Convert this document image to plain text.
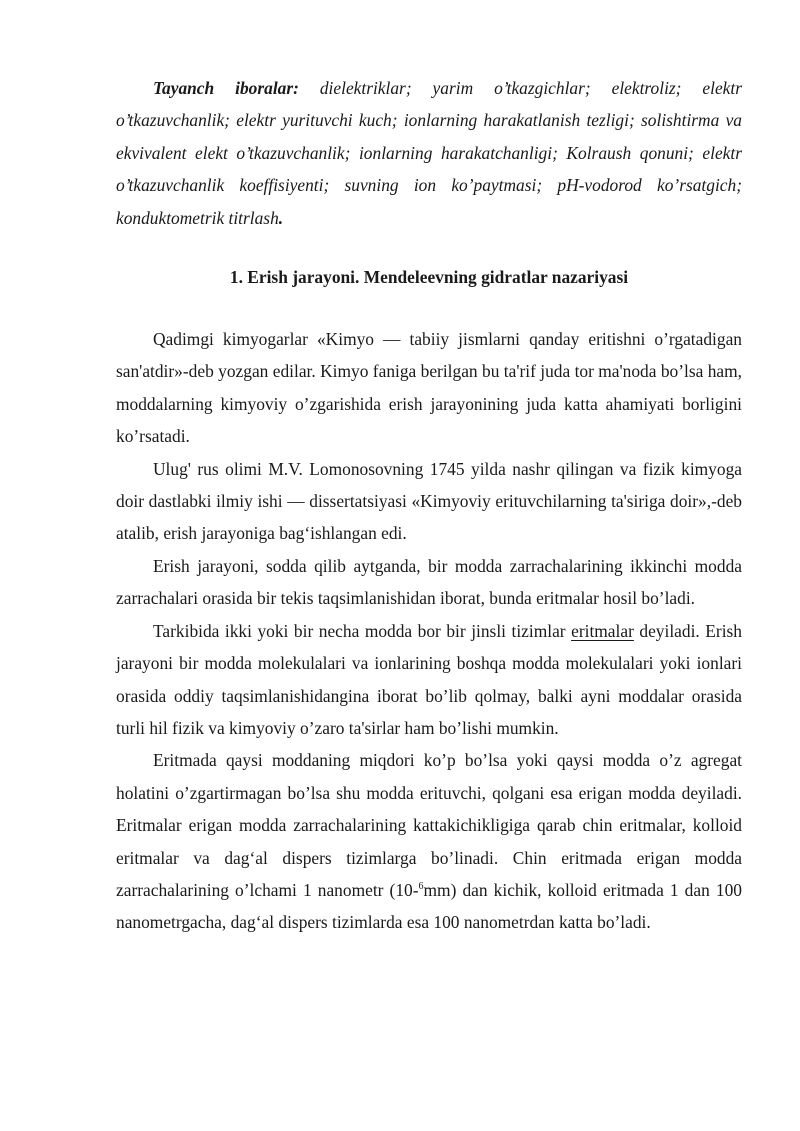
Tayanch iboralar: dielektriklar; yarim o’tkazgichlar; elektroliz; elektr o’tkazuvchanlik; elektr yurituvchi kuch; ionlarning harakatlanish tezligi; solishtirma va ekvivalent elekt o’tkazuvchanlik; ionlarning harakatchanligi; Kolraush qonuni; elektr o’tkazuvchanlik koeffisiyenti; suvning ion ko’paytmasi; pH-vodorod ko’rsatgich; konduktometrik titrlash.

1. Erish jarayoni. Mendeleevning gidratlar nazariyasi

Qadimgi kimyogarlar «Kimyo — tabiiy jismlarni qanday eritishni o’rgatadigan san'atdir»-deb yozgan edilar. Kimyo faniga berilgan bu ta'rif juda tor ma'noda bo’lsa ham, moddalarning kimyoviy o’zgarishida erish jarayonining juda katta ahamiyati borligini ko’rsatadi.

Ulug' rus olimi M.V. Lomonosovning 1745 yilda nashr qilingan va fizik kimyoga doir dastlabki ilmiy ishi — dissertatsiyasi «Kimyoviy erituvchilarning ta'siriga doir»,-deb atalib, erish jarayoniga bag‘ishlangan edi.

Erish jarayoni, sodda qilib aytganda, bir modda zarrachalarining ikkinchi modda zarrachalari orasida bir tekis taqsimlanishidan iborat, bunda eritmalar hosil bo’ladi.

Tarkibida ikki yoki bir necha modda bor bir jinsli tizimlar eritmalar deyiladi. Erish jarayoni bir modda molekulalari va ionlarining boshqa modda molekulalari yoki ionlari orasida oddiy taqsimlanishidangina iborat bo’lib qolmay, balki ayni moddalar orasida turli hil fizik va kimyoviy o’zaro ta'sirlar ham bo’lishi mumkin.

Eritmada qaysi moddaning miqdori ko’p bo’lsa yoki qaysi modda o’z agregat holatini o’zgartirmagan bo’lsa shu modda erituvchi, qolgani esa erigan modda deyiladi. Eritmalar erigan modda zarrachalarining kattakichikligiga qarab chin eritmalar, kolloid eritmalar va dag‘al dispers tizimlarga bo’linadi. Chin eritmada erigan modda zarrachalarining o’lchami 1 nanometr (10-$^6$mm) dan kichik, kolloid eritmada 1 dan 100 nanometrgacha, dag‘al dispers tizimlarda esa 100 nanometrdan katta bo’ladi.
